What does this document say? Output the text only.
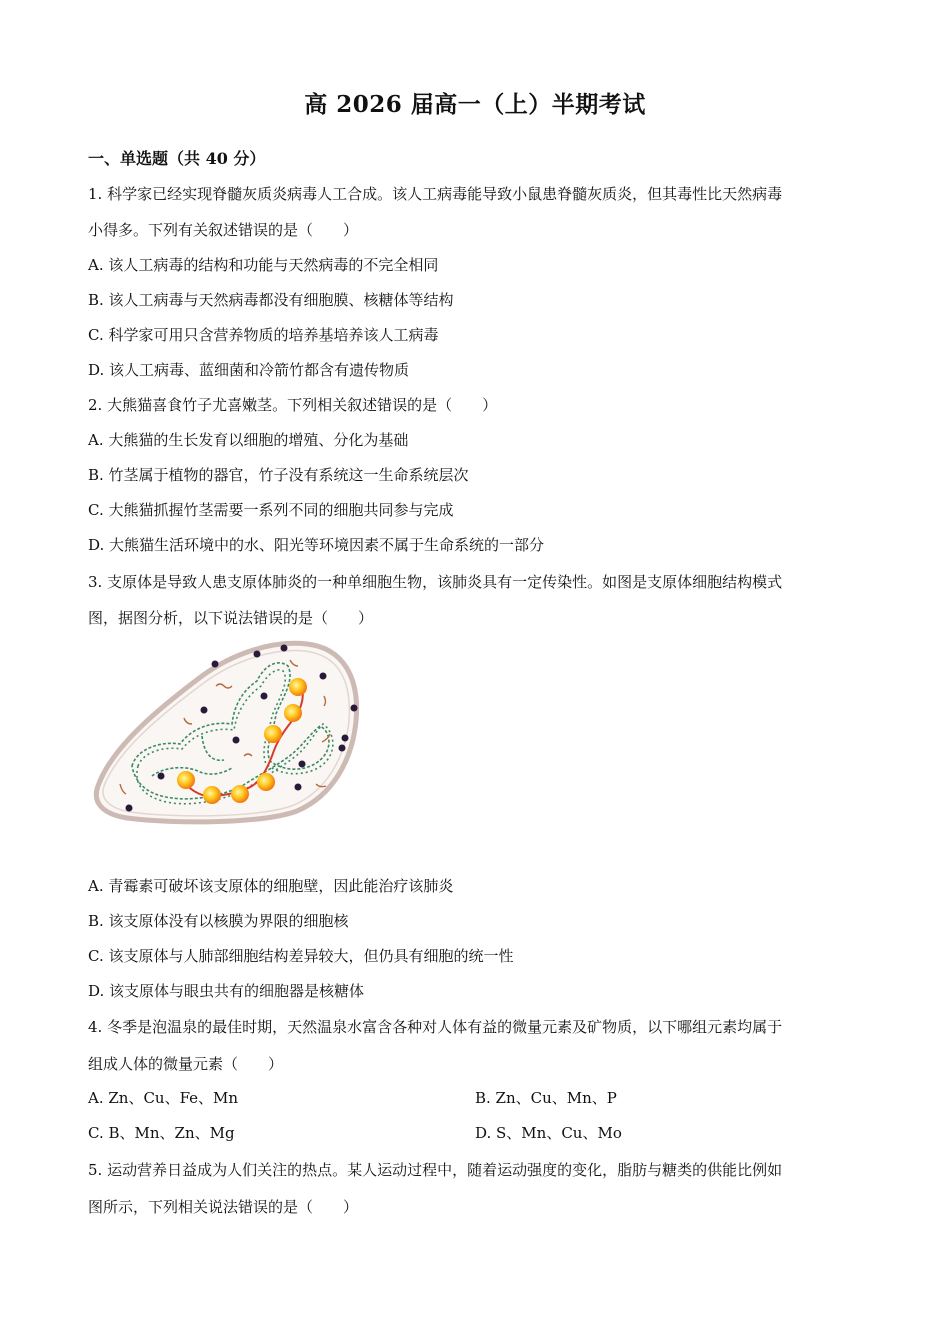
高 2026 届高一（上）半期考试
一、单选题（共 40 分）
1. 科学家已经实现脊髓灰质炎病毒人工合成。该人工病毒能导致小鼠患脊髓灰质炎，但其毒性比天然病毒
小得多。下列有关叙述错误的是（　　）
A. 该人工病毒的结构和功能与天然病毒的不完全相同
B. 该人工病毒与天然病毒都没有细胞膜、核糖体等结构
C. 科学家可用只含营养物质的培养基培养该人工病毒
D. 该人工病毒、蓝细菌和冷箭竹都含有遗传物质
2. 大熊猫喜食竹子尤喜嫩茎。下列相关叙述错误的是（　　）
A. 大熊猫的生长发育以细胞的增殖、分化为基础
B. 竹茎属于植物的器官，竹子没有系统这一生命系统层次
C. 大熊猫抓握竹茎需要一系列不同的细胞共同参与完成
D. 大熊猫生活环境中的水、阳光等环境因素不属于生命系统的一部分
3. 支原体是导致人患支原体肺炎的一种单细胞生物，该肺炎具有一定传染性。如图是支原体细胞结构模式
图，据图分析，以下说法错误的是（　　）
A. 青霉素可破坏该支原体的细胞壁，因此能治疗该肺炎
B. 该支原体没有以核膜为界限的细胞核
C. 该支原体与人肺部细胞结构差异较大，但仍具有细胞的统一性
D. 该支原体与眼虫共有的细胞器是核糖体
4. 冬季是泡温泉的最佳时期，天然温泉水富含各种对人体有益的微量元素及矿物质，以下哪组元素均属于
组成人体的微量元素（　　）
A. Zn、Cu、Fe、Mn	B. Zn、Cu、Mn、P
C. B、Mn、Zn、Mg	D. S、Mn、Cu、Mo
5. 运动营养日益成为人们关注的热点。某人运动过程中，随着运动强度的变化，脂肪与糖类的供能比例如
图所示，下列相关说法错误的是（　　）
